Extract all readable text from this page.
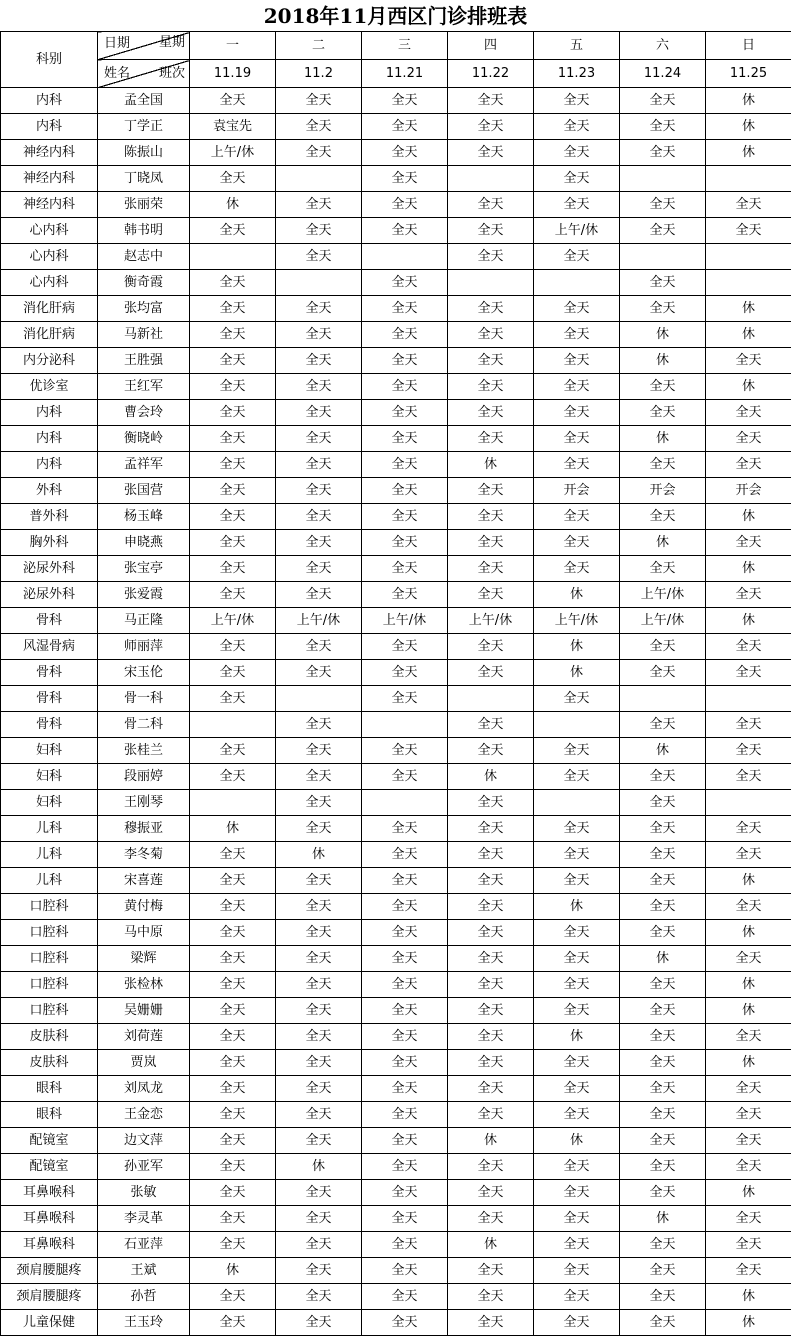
2018年11月西区门诊排班表
科别	日期 星期	一	二	三	四	五	六	日

	姓名 班次	11.19	11.2	11.21	11.22	11.23	11.24	11.25
内科	孟全国	全天	全天	全天	全天	全天	全天	休
内科	丁学正	袁宝先	全天	全天	全天	全天	全天	休
神经内科	陈振山	上午/休	全天	全天	全天	全天	全天	休
神经内科	丁晓凤	全天		全天		全天		
神经内科	张丽荣	休	全天	全天	全天	全天	全天	全天
心内科	韩书明	全天	全天	全天	全天	上午/休	全天	全天
心内科	赵志中		全天		全天	全天		
心内科	衡奇霞	全天		全天			全天	
消化肝病	张均富	全天	全天	全天	全天	全天	全天	休
消化肝病	马新社	全天	全天	全天	全天	全天	休	休
内分泌科	王胜强	全天	全天	全天	全天	全天	休	全天
优诊室	王红军	全天	全天	全天	全天	全天	全天	休
内科	曹会玲	全天	全天	全天	全天	全天	全天	全天
内科	衡晓岭	全天	全天	全天	全天	全天	休	全天
内科	孟祥军	全天	全天	全天	休	全天	全天	全天
外科	张国营	全天	全天	全天	全天	开会	开会	开会
普外科	杨玉峰	全天	全天	全天	全天	全天	全天	休
胸外科	申晓燕	全天	全天	全天	全天	全天	休	全天
泌尿外科	张宝亭	全天	全天	全天	全天	全天	全天	休
泌尿外科	张爱霞	全天	全天	全天	全天	休	上午/休	全天
骨科	马正隆	上午/休	上午/休	上午/休	上午/休	上午/休	上午/休	休
风湿骨病	师丽萍	全天	全天	全天	全天	休	全天	全天
骨科	宋玉伦	全天	全天	全天	全天	休	全天	全天
骨科	骨一科	全天		全天		全天		
骨科	骨二科		全天		全天		全天	全天
妇科	张桂兰	全天	全天	全天	全天	全天	休	全天
妇科	段丽婷	全天	全天	全天	休	全天	全天	全天
妇科	王刚琴		全天		全天		全天	
儿科	穆振亚	休	全天	全天	全天	全天	全天	全天
儿科	李冬菊	全天	休	全天	全天	全天	全天	全天
儿科	宋喜莲	全天	全天	全天	全天	全天	全天	休
口腔科	黄付梅	全天	全天	全天	全天	休	全天	全天
口腔科	马中原	全天	全天	全天	全天	全天	全天	休
口腔科	梁辉	全天	全天	全天	全天	全天	休	全天
口腔科	张检林	全天	全天	全天	全天	全天	全天	休
口腔科	吴姗姗	全天	全天	全天	全天	全天	全天	休
皮肤科	刘荷莲	全天	全天	全天	全天	休	全天	全天
皮肤科	贾岚	全天	全天	全天	全天	全天	全天	休
眼科	刘凤龙	全天	全天	全天	全天	全天	全天	全天
眼科	王金恋	全天	全天	全天	全天	全天	全天	全天
配镜室	边文萍	全天	全天	全天	休	休	全天	全天
配镜室	孙亚军	全天	休	全天	全天	全天	全天	全天
耳鼻喉科	张敏	全天	全天	全天	全天	全天	全天	休
耳鼻喉科	李灵革	全天	全天	全天	全天	全天	休	全天
耳鼻喉科	石亚萍	全天	全天	全天	休	全天	全天	全天
颈肩腰腿疼	王斌	休	全天	全天	全天	全天	全天	全天
颈肩腰腿疼	孙哲	全天	全天	全天	全天	全天	全天	休
儿童保健	王玉玲	全天	全天	全天	全天	全天	全天	休
